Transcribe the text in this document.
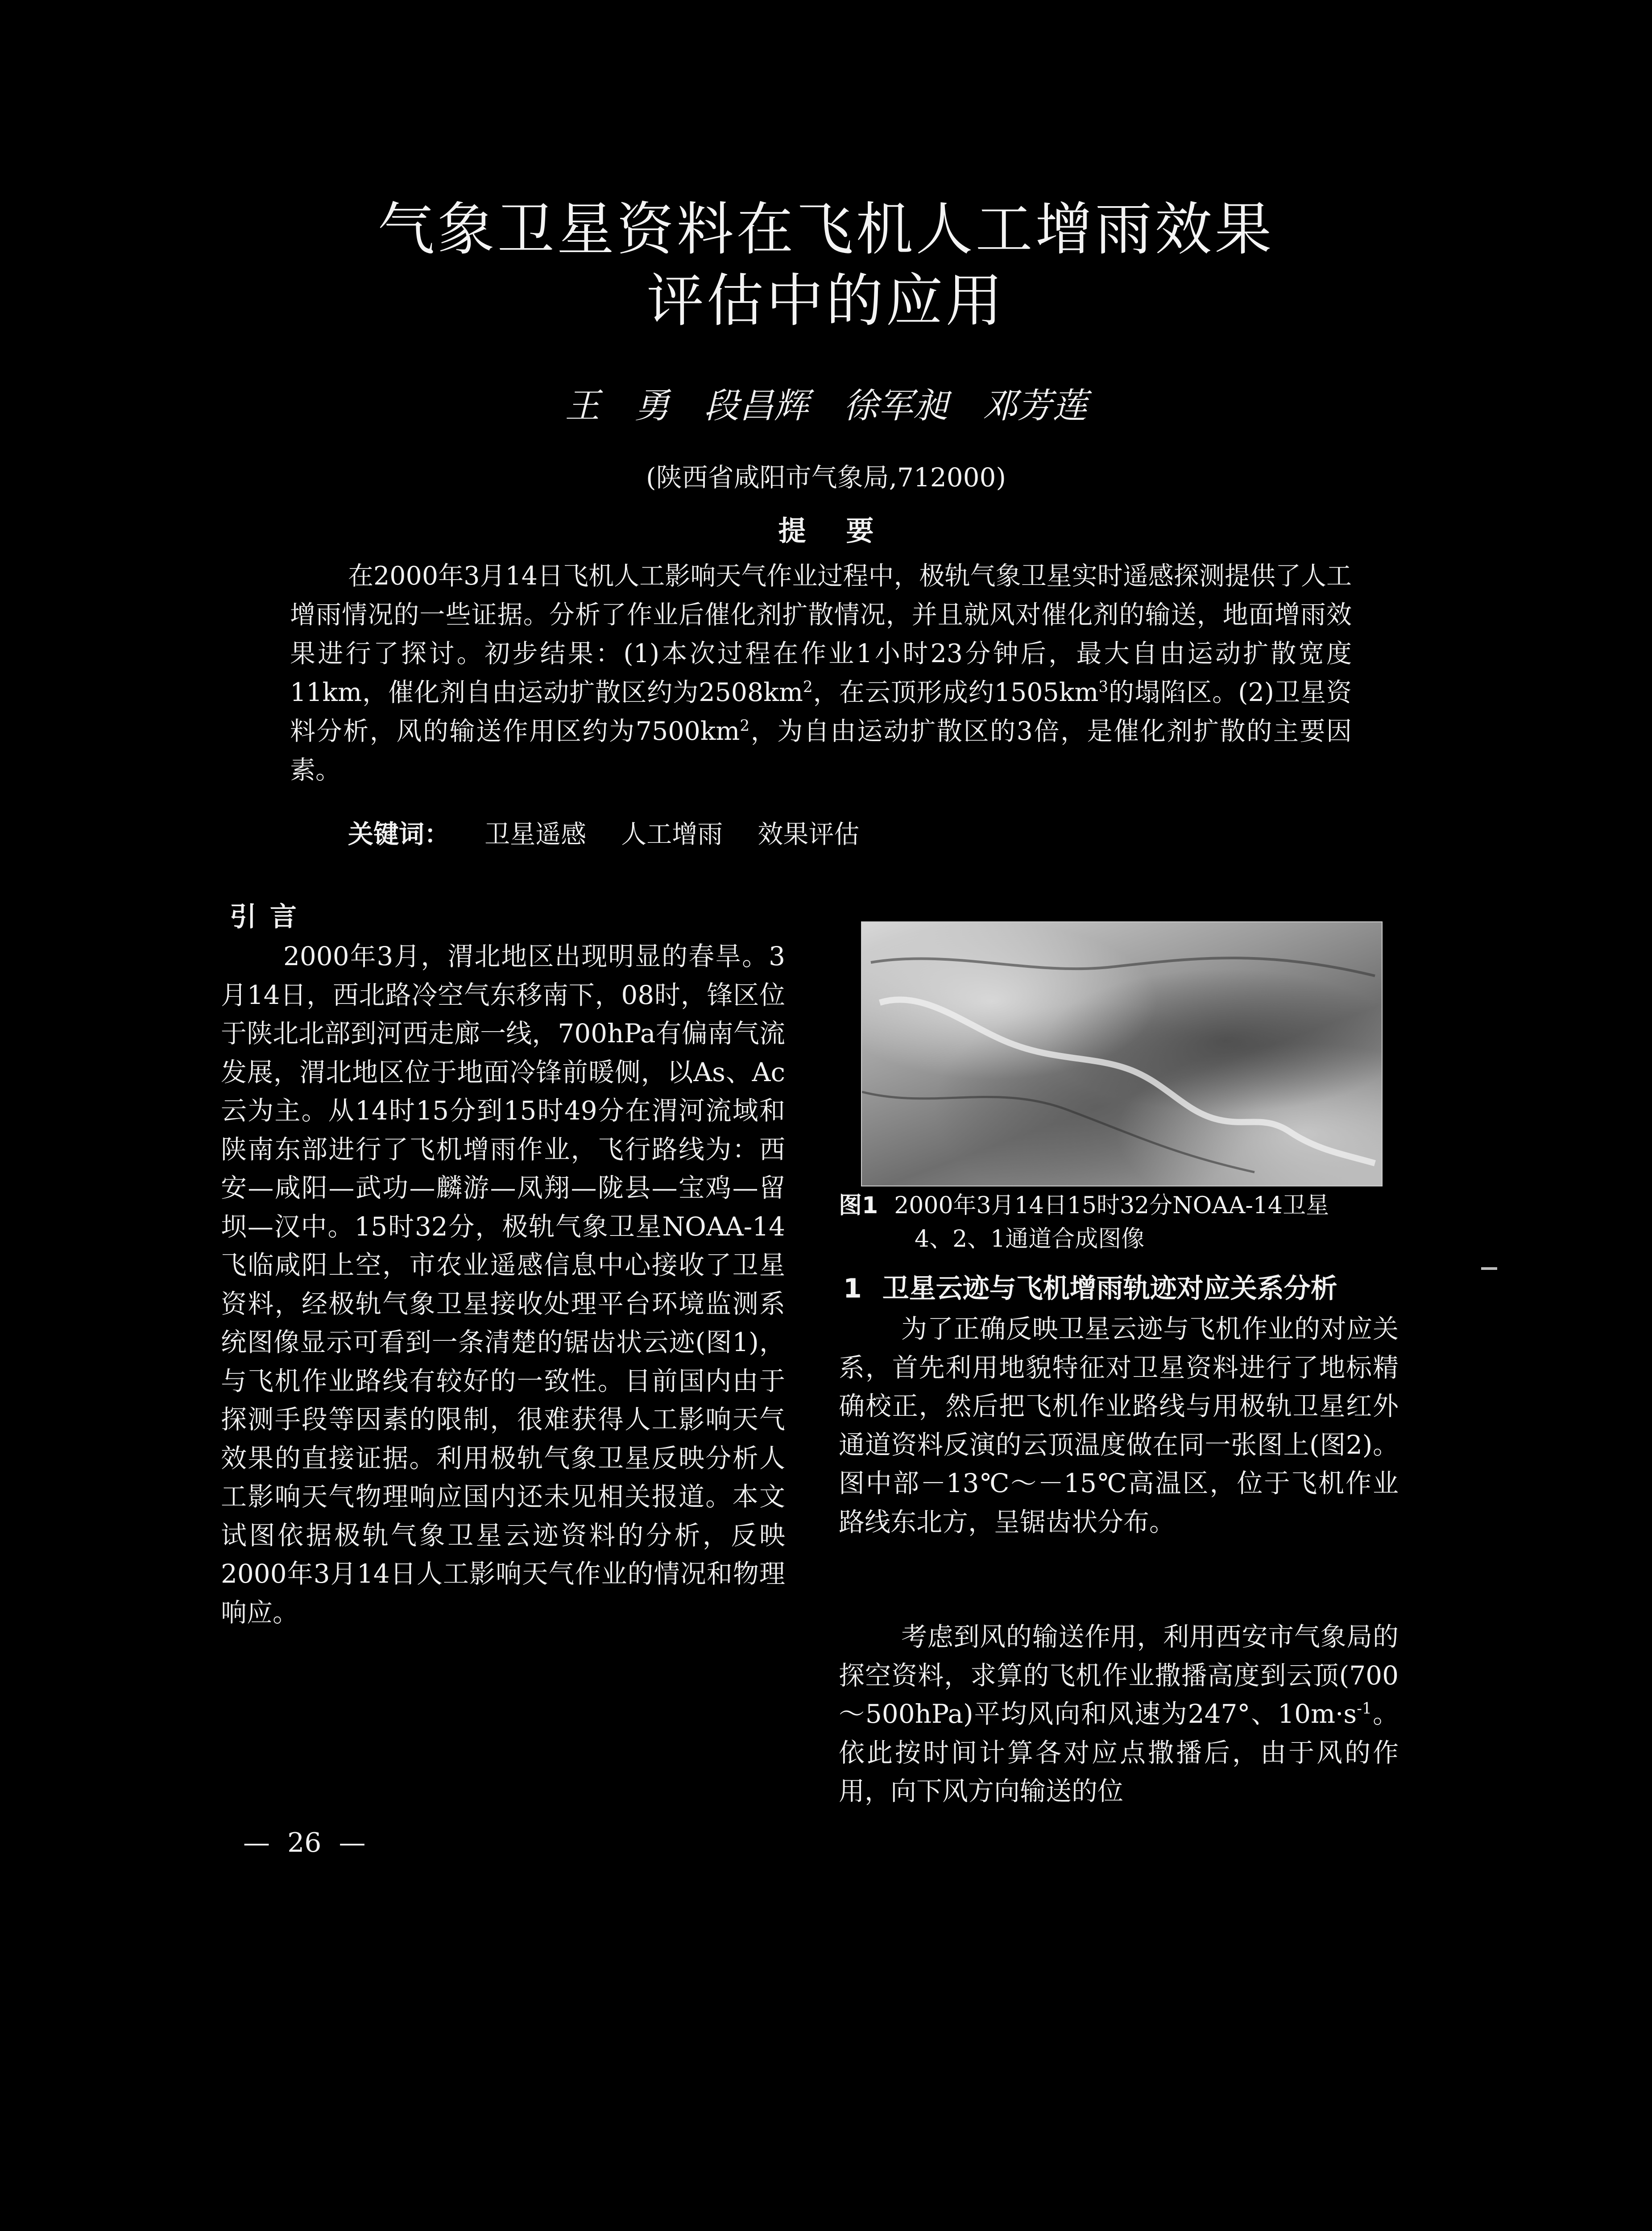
气象卫星资料在飞机人工增雨效果
评估中的应用
王　勇　段昌辉　徐军昶　邓芳莲
(陕西省咸阳市气象局,712000)
提要
在2000年3月14日飞机人工影响天气作业过程中，极轨气象卫星实时遥感探测提供了人工增雨情况的一些证据。分析了作业后催化剂扩散情况，并且就风对催化剂的输送，地面增雨效果进行了探讨。初步结果：(1)本次过程在作业1小时23分钟后，最大自由运动扩散宽度11km，催化剂自由运动扩散区约为$2508km^2$，在云顶形成约$1505km^3$的塌陷区。(2)卫星资料分析，风的输送作用区约为$7500km^2$，为自由运动扩散区的3倍，是催化剂扩散的主要因素。
关键词： 卫星遥感 人工增雨 效果评估
引言
2000年3月，渭北地区出现明显的春旱。3月14日，西北路冷空气东移南下，08时，锋区位于陕北北部到河西走廊一线，700hPa有偏南气流发展，渭北地区位于地面冷锋前暖侧，以As、Ac云为主。从14时15分到15时49分在渭河流域和陕南东部进行了飞机增雨作业，飞行路线为：西安—咸阳—武功—麟游—凤翔—陇县—宝鸡—留坝—汉中。15时32分，极轨气象卫星NOAA-14飞临咸阳上空，市农业遥感信息中心接收了卫星资料，经极轨气象卫星接收处理平台环境监测系统图像显示可看到一条清楚的锯齿状云迹(图1)，与飞机作业路线有较好的一致性。目前国内由于探测手段等因素的限制，很难获得人工影响天气效果的直接证据。利用极轨气象卫星反映分析人工影响天气物理响应国内还未见相关报道。本文试图依据极轨气象卫星云迹资料的分析，反映2000年3月14日人工影响天气作业的情况和物理响应。
图1 2000年3月14日15时32分NOAA-14卫星
4、2、1通道合成图像
1 卫星云迹与飞机增雨轨迹对应关系分析
为了正确反映卫星云迹与飞机作业的对应关系，首先利用地貌特征对卫星资料进行了地标精确校正，然后把飞机作业路线与用极轨卫星红外通道资料反演的云顶温度做在同一张图上(图2)。图中部－13℃～－15℃高温区，位于飞机作业路线东北方，呈锯齿状分布。
考虑到风的输送作用，利用西安市气象局的探空资料，求算的飞机作业撒播高度到云顶(700～500hPa)平均风向和风速为247°、$10m\cdot s^{-1}$。依此按时间计算各对应点撒播后，由于风的作用，向下风方向输送的位
— 26 —
